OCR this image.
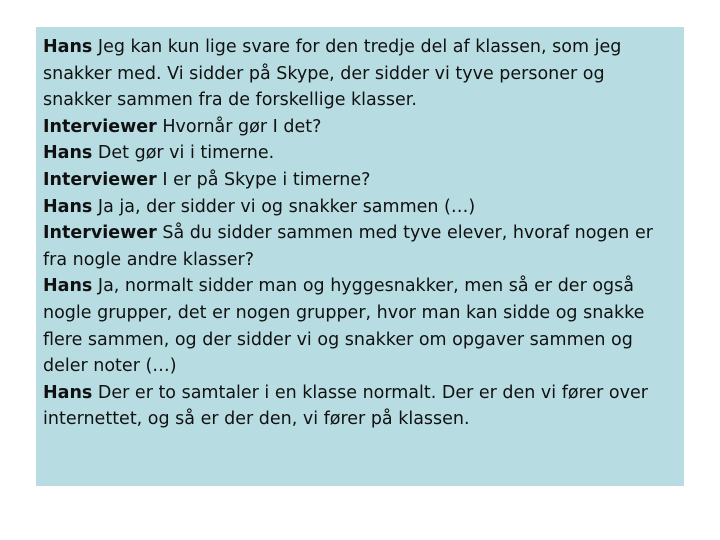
Hans Jeg kan kun lige svare for den tredje del af klassen, som jeg snakker med. Vi sidder på Skype, der sidder vi tyve personer og snakker sammen fra de forskellige klasser.

Interviewer Hvornår gør I det?

Hans Det gør vi i timerne.

Interviewer I er på Skype i timerne?

Hans Ja ja, der sidder vi og snakker sammen (…)

Interviewer Så du sidder sammen med tyve elever, hvoraf nogen er fra nogle andre klasser?

Hans Ja, normalt sidder man og hyggesnakker, men så er der også nogle grupper, det er nogen grupper, hvor man kan sidde og snakke flere sammen, og der sidder vi og snakker om opgaver sammen og deler noter (…)

Hans Der er to samtaler i en klasse normalt. Der er den vi fører over internettet, og så er der den, vi fører på klassen.
